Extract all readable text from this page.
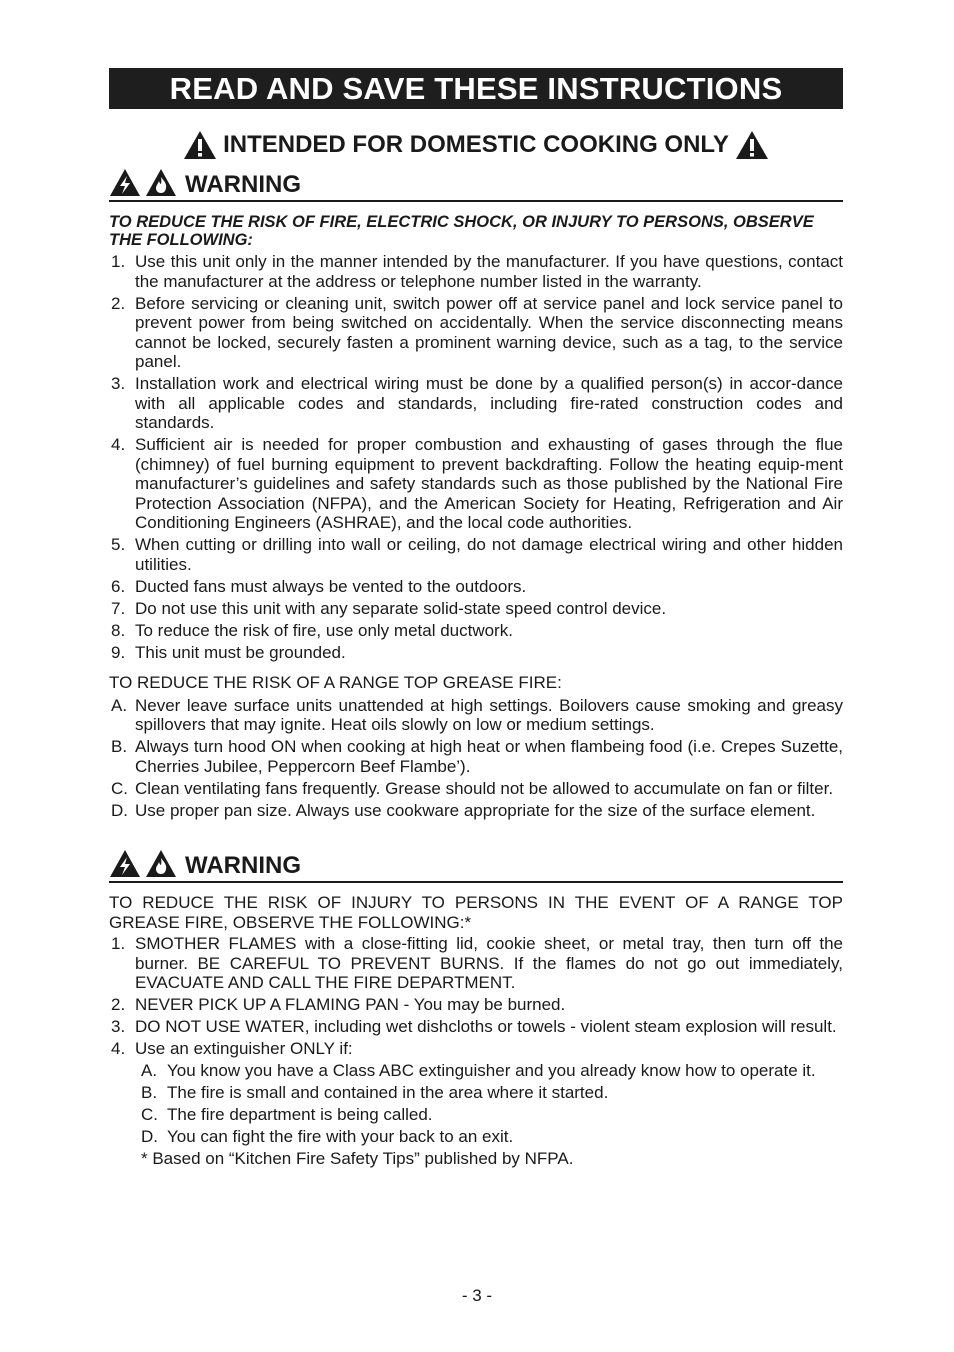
READ AND SAVE THESE INSTRUCTIONS
INTENDED FOR DOMESTIC COOKING ONLY
WARNING
TO REDUCE THE RISK OF FIRE, ELECTRIC SHOCK, OR INJURY TO PERSONS, OBSERVE THE FOLLOWING:
1. Use this unit only in the manner intended by the manufacturer. If you have questions, contact the manufacturer at the address or telephone number listed in the warranty.
2. Before servicing or cleaning unit, switch power off at service panel and lock service panel to prevent power from being switched on accidentally. When the service disconnecting means cannot be locked, securely fasten a prominent warning device, such as a tag, to the service panel.
3. Installation work and electrical wiring must be done by a qualified person(s) in accor-dance with all applicable codes and standards, including fire-rated construction codes and standards.
4. Sufficient air is needed for proper combustion and exhausting of gases through the flue (chimney) of fuel burning equipment to prevent backdrafting. Follow the heating equip-ment manufacturer’s guidelines and safety standards such as those published by the National Fire Protection Association (NFPA), and the American Society for Heating, Refrigeration and Air Conditioning Engineers (ASHRAE), and the local code authorities.
5. When cutting or drilling into wall or ceiling, do not damage electrical wiring and other hidden utilities.
6. Ducted fans must always be vented to the outdoors.
7. Do not use this unit with any separate solid-state speed control device.
8. To reduce the risk of fire, use only metal ductwork.
9. This unit must be grounded.
TO REDUCE THE RISK OF A RANGE TOP GREASE FIRE:
A. Never leave surface units unattended at high settings. Boilovers cause smoking and greasy spillovers that may ignite. Heat oils slowly on low or medium settings.
B. Always turn hood ON when cooking at high heat or when flambeing food (i.e. Crepes Suzette, Cherries Jubilee, Peppercorn Beef Flambe’).
C. Clean ventilating fans frequently. Grease should not be allowed to accumulate on fan or filter.
D. Use proper pan size. Always use cookware appropriate for the size of the surface element.
WARNING
TO REDUCE THE RISK OF INJURY TO PERSONS IN THE EVENT OF A RANGE TOP GREASE FIRE, OBSERVE THE FOLLOWING:*
1. SMOTHER FLAMES with a close-fitting lid, cookie sheet, or metal tray, then turn off the burner. BE CAREFUL TO PREVENT BURNS. If the flames do not go out immediately, EVACUATE AND CALL THE FIRE DEPARTMENT.
2. NEVER PICK UP A FLAMING PAN - You may be burned.
3. DO NOT USE WATER, including wet dishcloths or towels - violent steam explosion will result.
4. Use an extinguisher ONLY if:
A. You know you have a Class ABC extinguisher and you already know how to operate it.
B. The fire is small and contained in the area where it started.
C. The fire department is being called.
D. You can fight the fire with your back to an exit.
* Based on “Kitchen Fire Safety Tips” published by NFPA.
- 3 -
